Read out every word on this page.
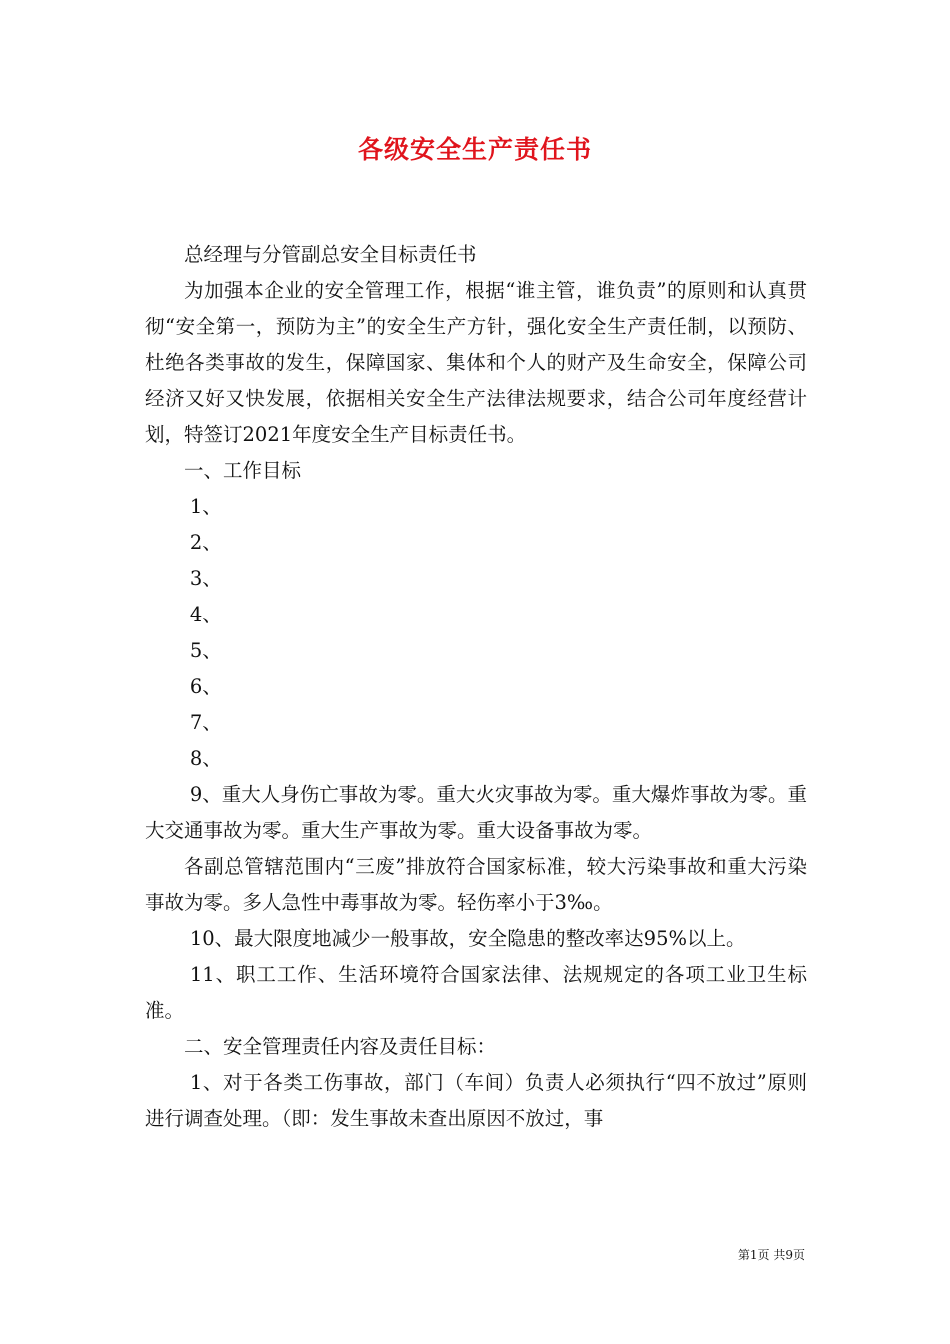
各级安全生产责任书

总经理与分管副总安全目标责任书

为加强本企业的安全管理工作，根据“谁主管，谁负责”的原则和认真贯彻“安全第一，预防为主”的安全生产方针，强化安全生产责任制，以预防、杜绝各类事故的发生，保障国家、集体和个人的财产及生命安全，保障公司经济又好又快发展，依据相关安全生产法律法规要求，结合公司年度经营计划，特签订2021年度安全生产目标责任书。

一、工作目标

1、

2、

3、

4、

5、

6、

7、

8、

9、重大人身伤亡事故为零。重大火灾事故为零。重大爆炸事故为零。重大交通事故为零。重大生产事故为零。重大设备事故为零。

各副总管辖范围内“三废”排放符合国家标准，较大污染事故和重大污染事故为零。多人急性中毒事故为零。轻伤率小于3‰。

10、最大限度地减少一般事故，安全隐患的整改率达95%以上。

11、职工工作、生活环境符合国家法律、法规规定的各项工业卫生标准。

二、安全管理责任内容及责任目标：

1、对于各类工伤事故，部门（车间）负责人必须执行“四不放过”原则进行调查处理。（即：发生事故未查出原因不放过，事

第1页 共9页
